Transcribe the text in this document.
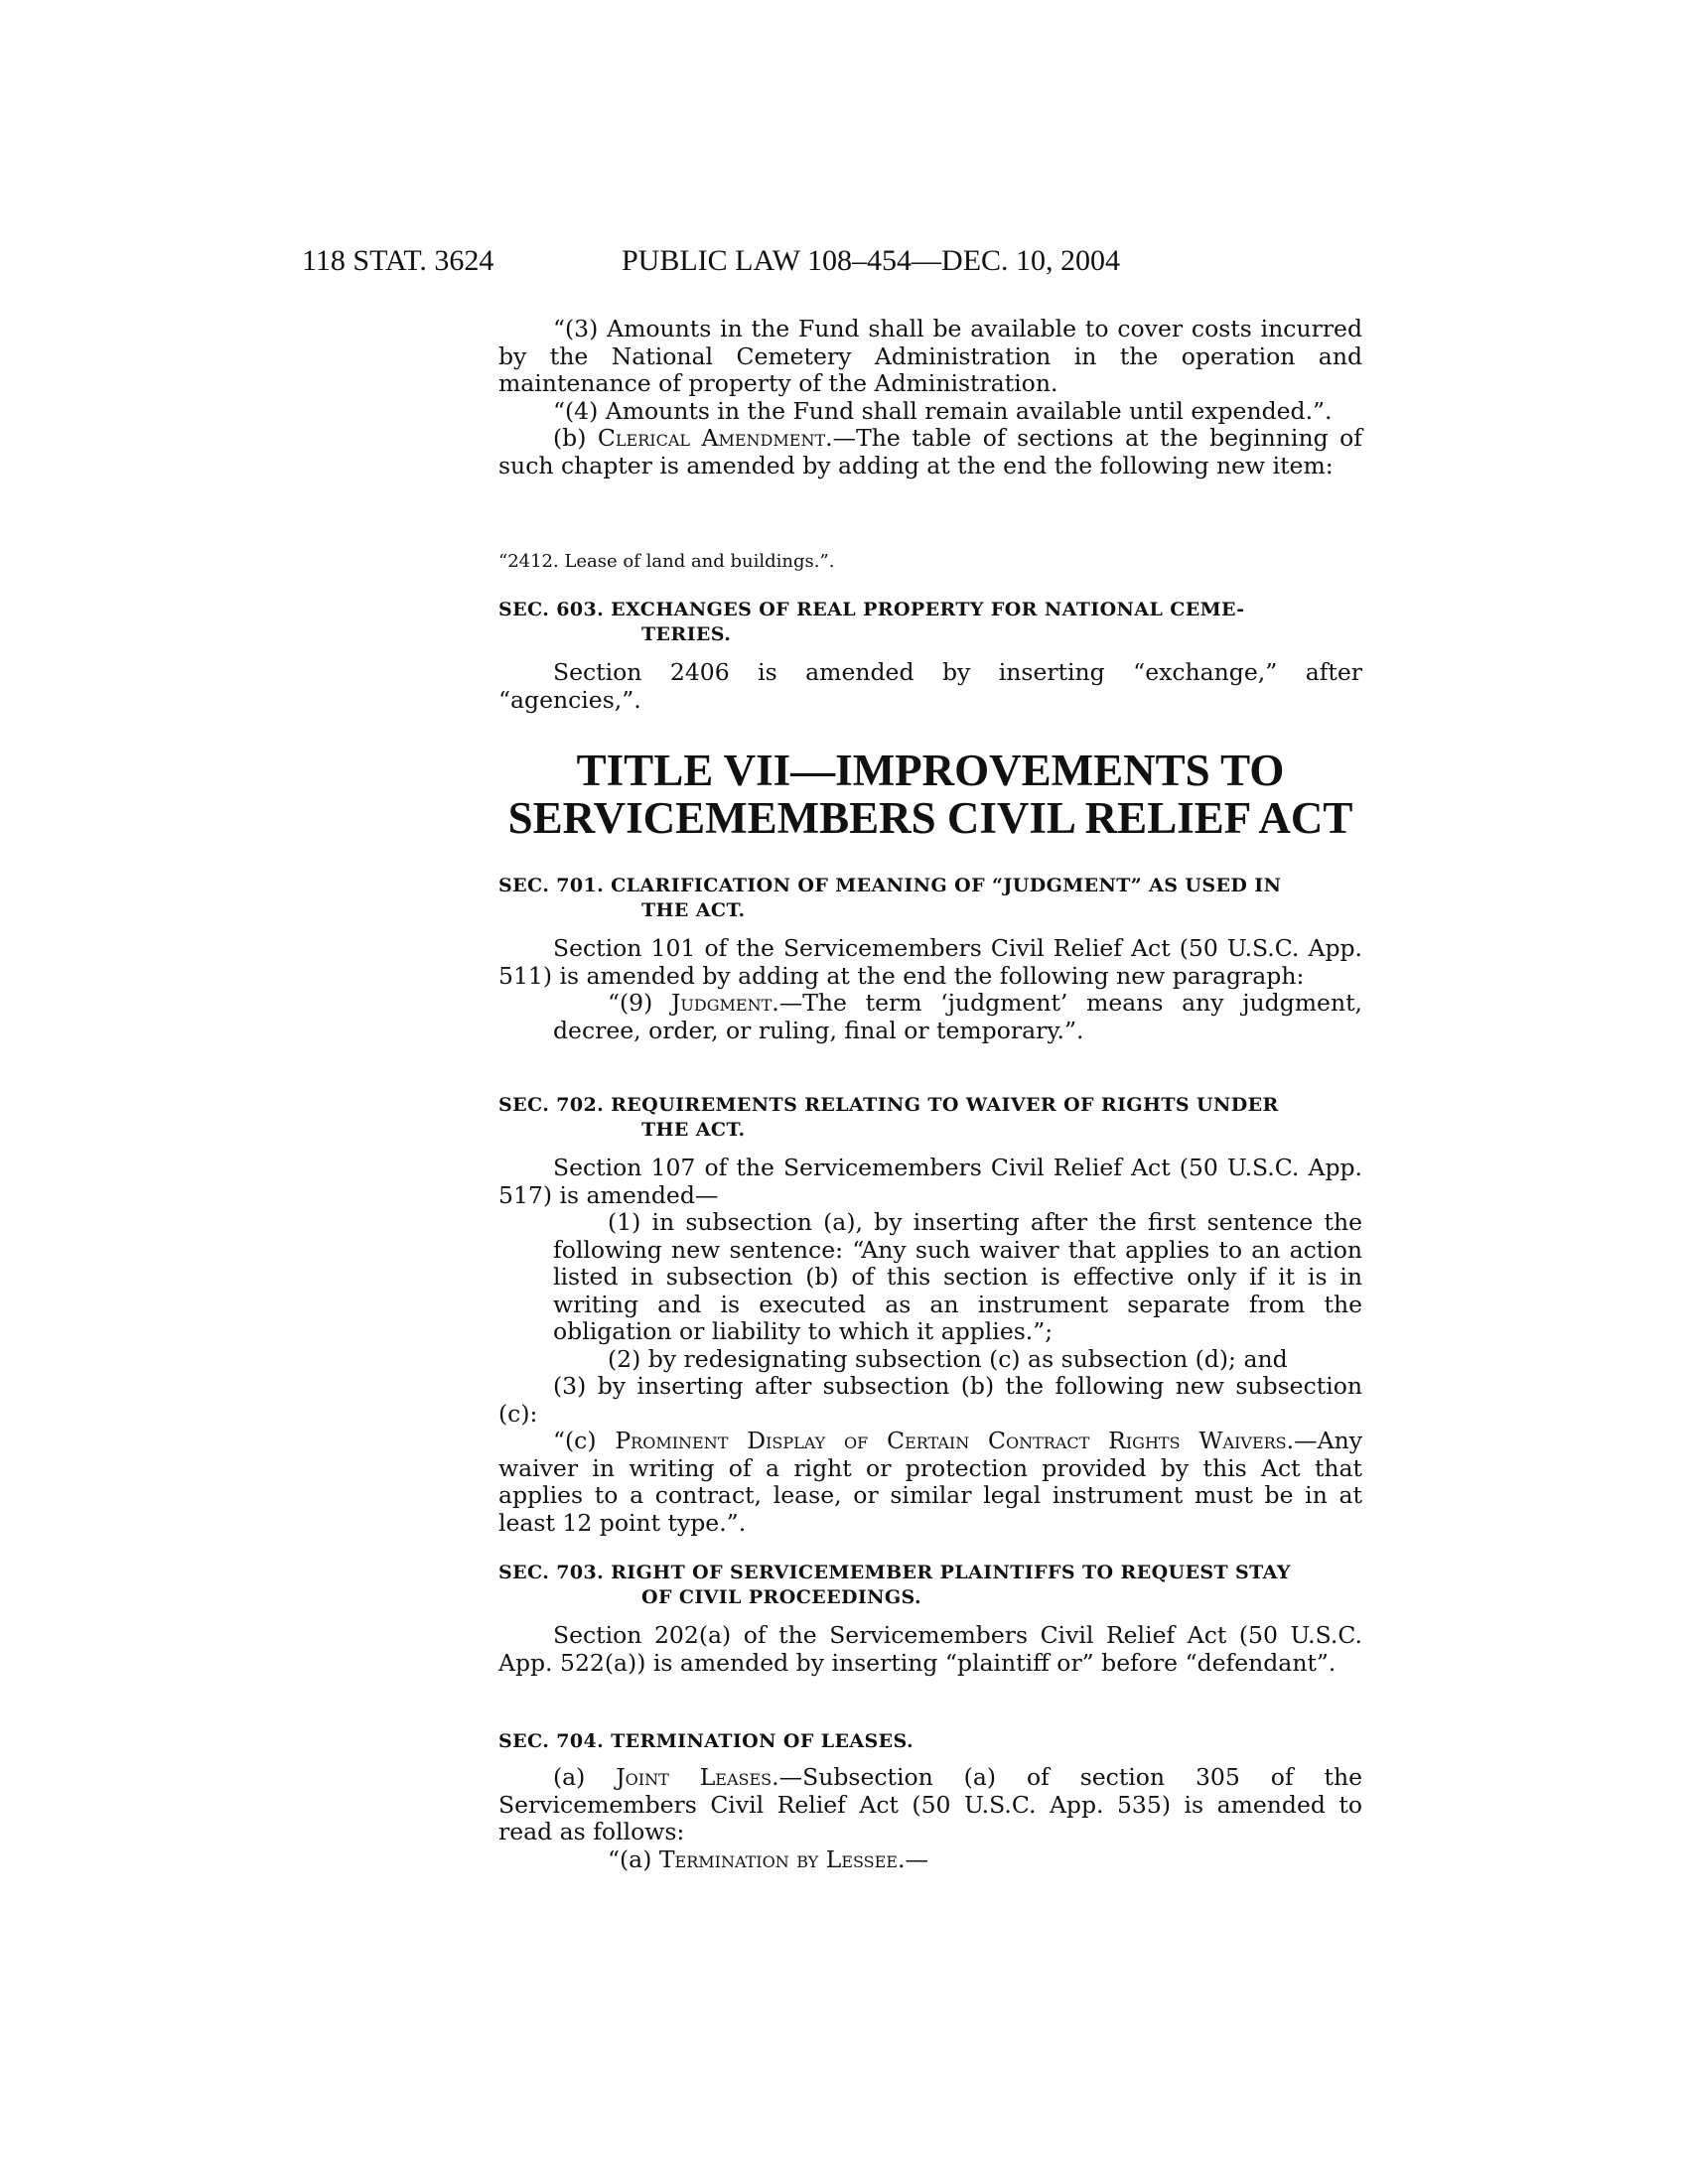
118 STAT. 3624	PUBLIC LAW 108–454—DEC. 10, 2004

“(3) Amounts in the Fund shall be available to cover costs incurred by the National Cemetery Administration in the operation and maintenance of property of the Administration.

“(4) Amounts in the Fund shall remain available until expended.”.

(b) Clerical Amendment.—The table of sections at the beginning of such chapter is amended by adding at the end the following new item:

“2412. Lease of land and buildings.”.
SEC. 603. EXCHANGES OF REAL PROPERTY FOR NATIONAL CEME-
TERIES.

Section 2406 is amended by inserting “exchange,” after “agencies,”.

TITLE VII—IMPROVEMENTS TO
SERVICEMEMBERS CIVIL RELIEF ACT
SEC. 701. CLARIFICATION OF MEANING OF “JUDGMENT” AS USED IN
THE ACT.

Section 101 of the Servicemembers Civil Relief Act (50 U.S.C. App. 511) is amended by adding at the end the following new paragraph:

“(9) Judgment.—The term ‘judgment’ means any judgment, decree, order, or ruling, final or temporary.”.

SEC. 702. REQUIREMENTS RELATING TO WAIVER OF RIGHTS UNDER
THE ACT.

Section 107 of the Servicemembers Civil Relief Act (50 U.S.C. App. 517) is amended—

(1) in subsection (a), by inserting after the first sentence the following new sentence: “Any such waiver that applies to an action listed in subsection (b) of this section is effective only if it is in writing and is executed as an instrument separate from the obligation or liability to which it applies.”;

(2) by redesignating subsection (c) as subsection (d); and

(3) by inserting after subsection (b) the following new subsection (c):

“(c) Prominent Display of Certain Contract Rights Waivers.—Any waiver in writing of a right or protection provided by this Act that applies to a contract, lease, or similar legal instrument must be in at least 12 point type.”.

SEC. 703. RIGHT OF SERVICEMEMBER PLAINTIFFS TO REQUEST STAY
OF CIVIL PROCEEDINGS.

Section 202(a) of the Servicemembers Civil Relief Act (50 U.S.C. App. 522(a)) is amended by inserting “plaintiff or” before “defendant”.

SEC. 704. TERMINATION OF LEASES.

(a) Joint Leases.—Subsection (a) of section 305 of the Servicemembers Civil Relief Act (50 U.S.C. App. 535) is amended to read as follows:

“(a) Termination by Lessee.—
